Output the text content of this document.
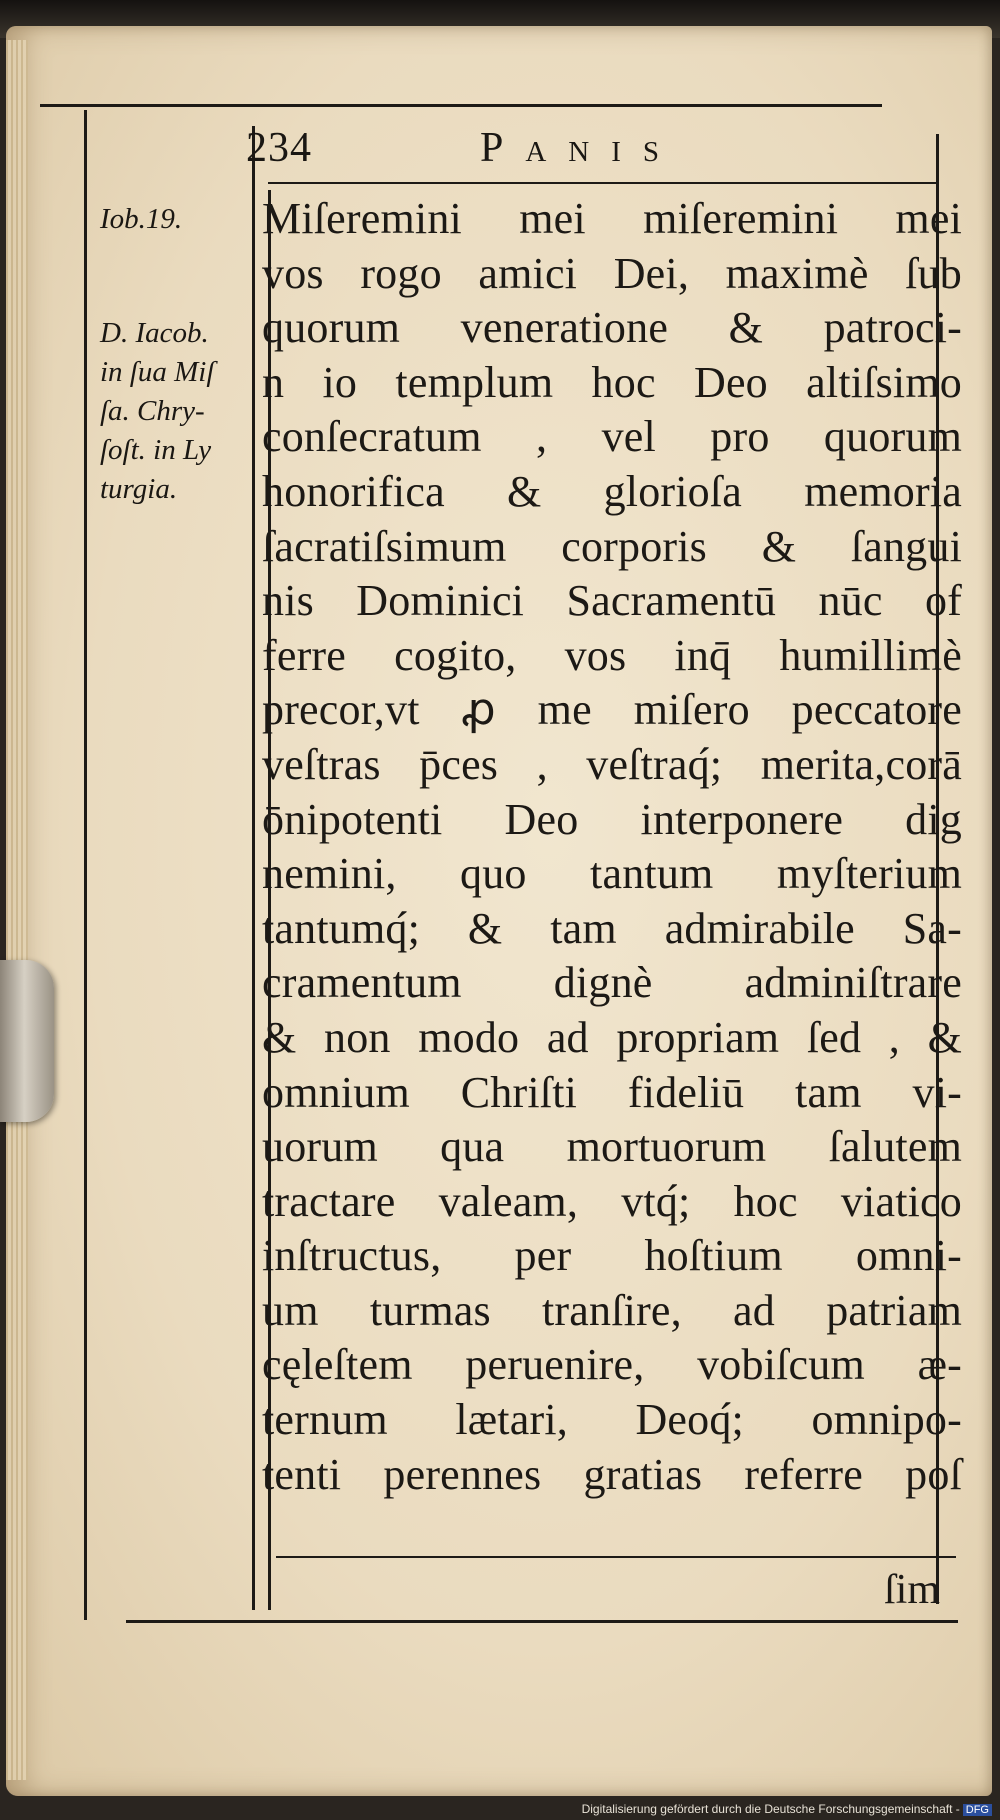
234	Panis
Iob.19.
D. Iacob.
in ſua Miſ
ſa. Chry-
ſoſt. in Ly
turgia.
Miſeremini mei miſeremini mei
vos rogo amici Dei, maximè ſub
quorum veneratione & patroci-
n io templum hoc Deo altiſsimo
conſecratum , vel pro quorum
honorifica & glorioſa memoria
ſacratiſsimum corporis & ſangui
nis Dominici Sacramentū nūc of
ferre cogito, vos inq̄ humillimè
precor,vt ꝓ me miſero peccatore
veſtras p̄ces , veſtraq́; merita,corā
ōnipotenti Deo interponere dig
nemini, quo tantum myſterium
tantumq́; & tam admirabile Sa-
cramentum dignè adminiſtrare
& non modo ad propriam ſed , &
omnium Chriſti fideliū tam vi-
uorum qua mortuorum ſalutem
tractare valeam, vtq́; hoc viatico
inſtructus, per hoſtium omni-
um turmas tranſire, ad patriam
cęleſtem peruenire, vobiſcum æ-
ternum lætari, Deoq́; omnipo-
tenti perennes gratias referre poſ
ſim
Digitalisierung gefördert durch die Deutsche Forschungsgemeinschaft - DFG
